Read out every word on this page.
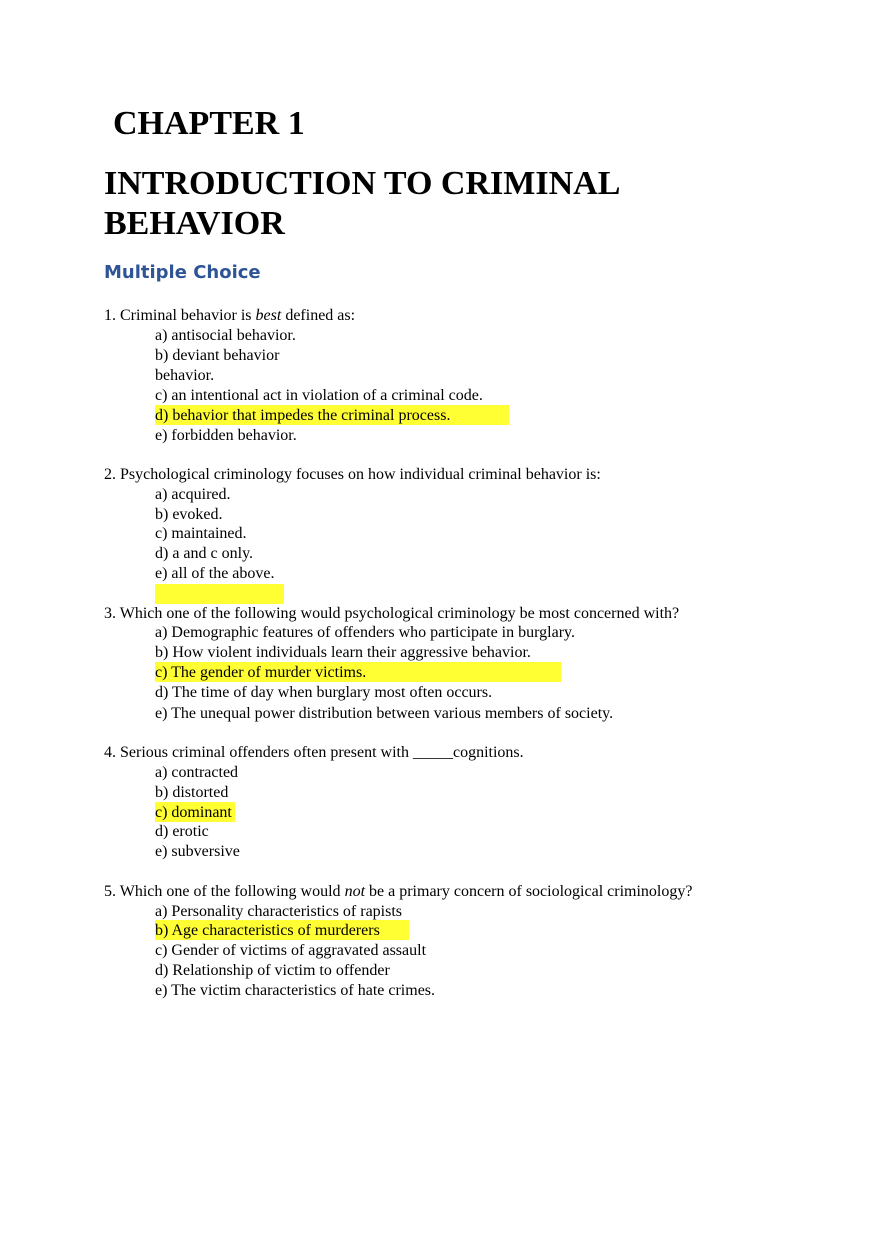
CHAPTER 1
INTRODUCTION TO CRIMINAL BEHAVIOR
Multiple Choice

1. Criminal behavior is best defined as:

a) antisocial behavior.

b) deviant behavior

behavior.

c) an intentional act in violation of a criminal code.

d) behavior that impedes the criminal process.

e) forbidden behavior.

2. Psychological criminology focuses on how individual criminal behavior is:

a) acquired.

b) evoked.

c) maintained.

d) a and c only.

e) all of the above.

3. Which one of the following would psychological criminology be most concerned with?

a) Demographic features of offenders who participate in burglary.

b) How violent individuals learn their aggressive behavior.

c) The gender of murder victims.

d) The time of day when burglary most often occurs.

e) The unequal power distribution between various members of society.

4. Serious criminal offenders often present with _____cognitions.

a) contracted

b) distorted

c) dominant

d) erotic

e) subversive

5. Which one of the following would not be a primary concern of sociological criminology?

a) Personality characteristics of rapists

b) Age characteristics of murderers

c) Gender of victims of aggravated assault

d) Relationship of victim to offender

e) The victim characteristics of hate crimes.
